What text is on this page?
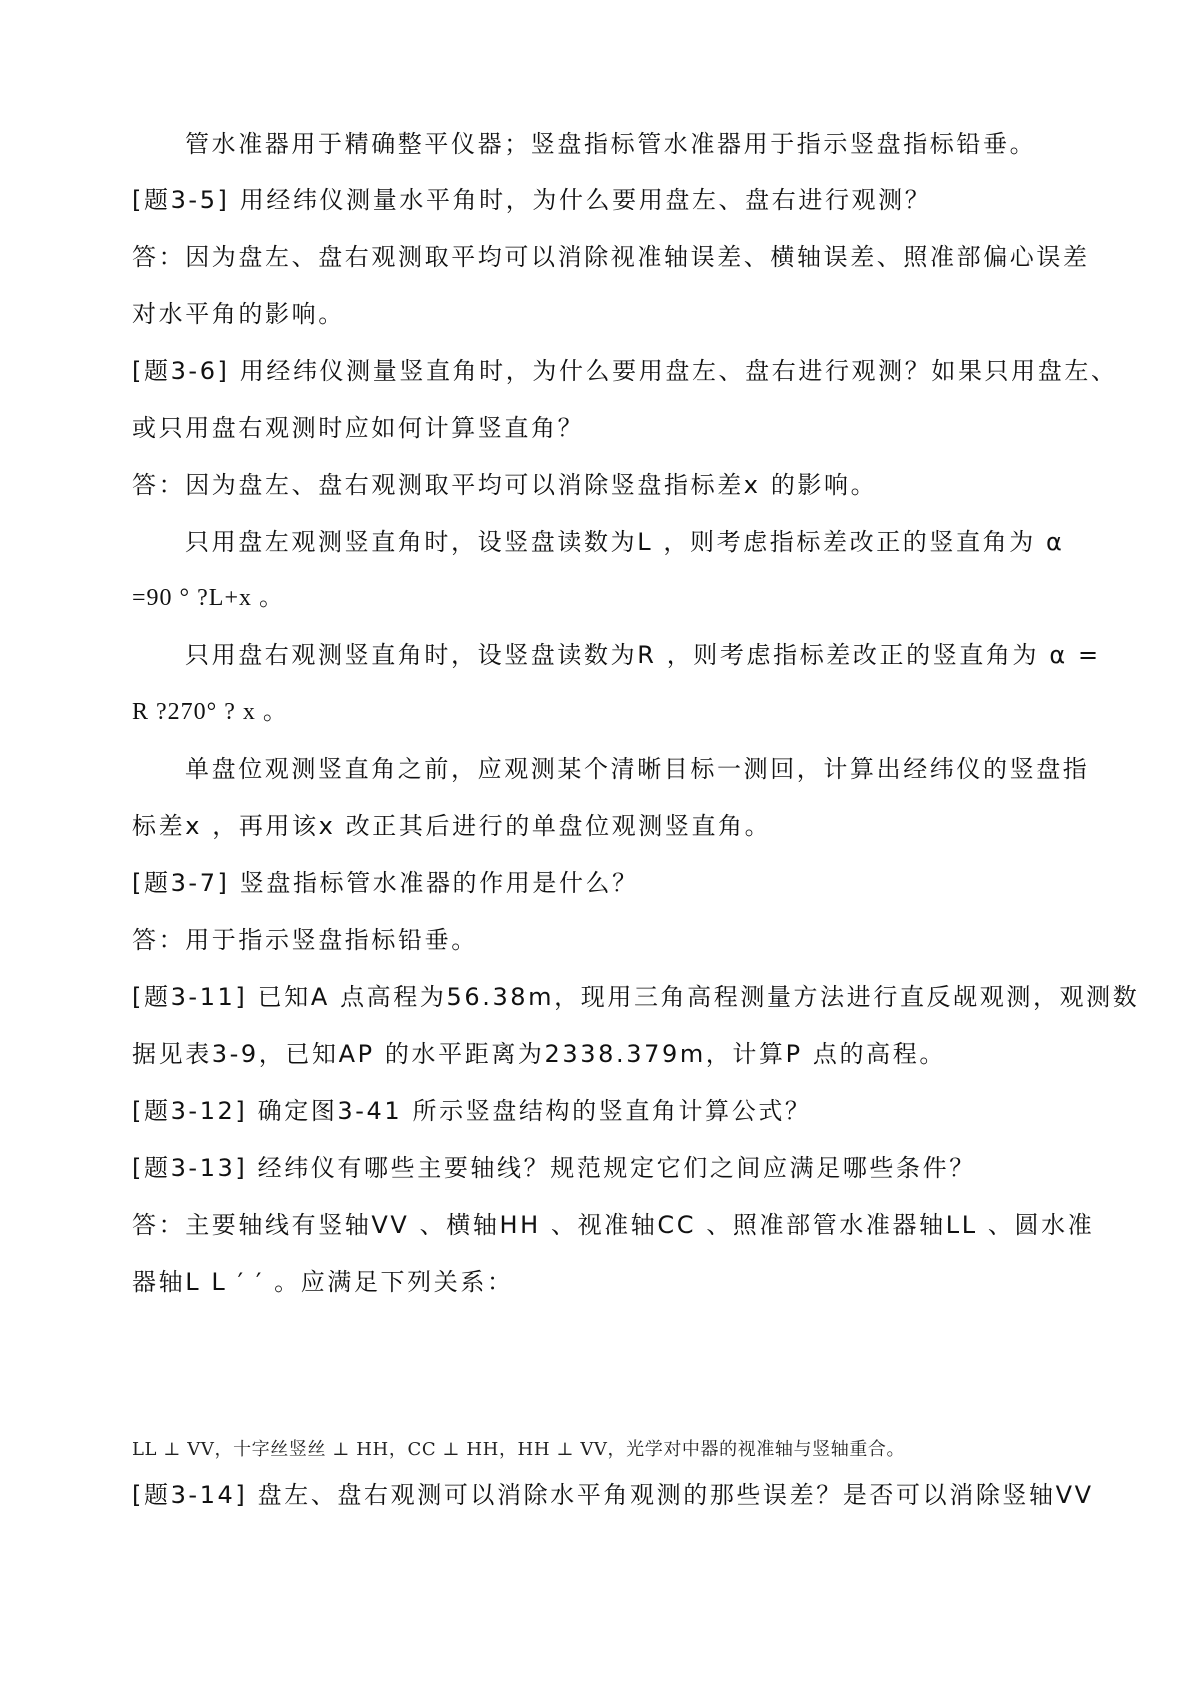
管水准器用于精确整平仪器；竖盘指标管水准器用于指示竖盘指标铅垂。
[题3-5] 用经纬仪测量水平角时，为什么要用盘左、盘右进行观测？
答：因为盘左、盘右观测取平均可以消除视准轴误差、横轴误差、照准部偏心误差
对水平角的影响。
[题3-6] 用经纬仪测量竖直角时，为什么要用盘左、盘右进行观测？如果只用盘左、
或只用盘右观测时应如何计算竖直角？
答：因为盘左、盘右观测取平均可以消除竖盘指标差x 的影响。
只用盘左观测竖直角时，设竖盘读数为L ，则考虑指标差改正的竖直角为 α
=90 ° ?L+x 。
只用盘右观测竖直角时，设竖盘读数为R ，则考虑指标差改正的竖直角为 α =
R ?270° ? x 。
单盘位观测竖直角之前，应观测某个清晰目标一测回，计算出经纬仪的竖盘指
标差x ，再用该x 改正其后进行的单盘位观测竖直角。
[题3-7] 竖盘指标管水准器的作用是什么？
答：用于指示竖盘指标铅垂。
[题3-11] 已知A 点高程为56.38m，现用三角高程测量方法进行直反觇观测，观测数
据见表3-9，已知AP 的水平距离为2338.379m，计算P 点的高程。
[题3-12] 确定图3-41 所示竖盘结构的竖直角计算公式？
[题3-13] 经纬仪有哪些主要轴线？规范规定它们之间应满足哪些条件？
答：主要轴线有竖轴VV 、横轴HH 、视准轴CC 、照准部管水准器轴LL 、圆水准
器轴L L ′ ′ 。应满足下列关系：
LL ⊥ VV，十字丝竖丝 ⊥ HH，CC ⊥ HH，HH ⊥ VV，光学对中器的视准轴与竖轴重合。
[题3-14] 盘左、盘右观测可以消除水平角观测的那些误差？是否可以消除竖轴VV
